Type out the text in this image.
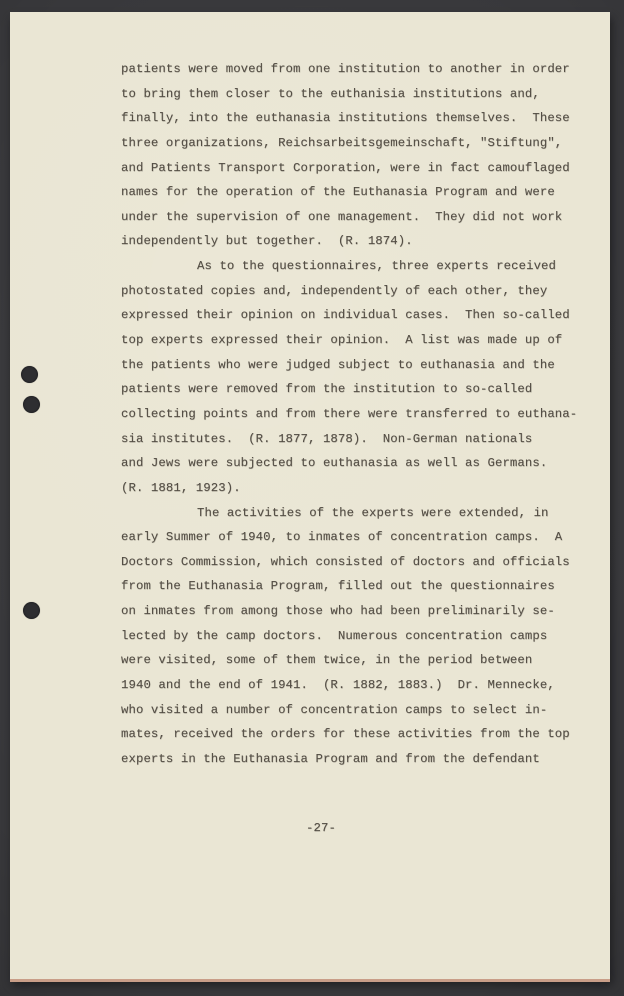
patients were moved from one institution to another in order
to bring them closer to the euthanisia institutions and,
finally, into the euthanasia institutions themselves.  These
three organizations, Reichsarbeitsgemeinschaft, "Stiftung",
and Patients Transport Corporation, were in fact camouflaged
names for the operation of the Euthanasia Program and were
under the supervision of one management.  They did not work
independently but together.  (R. 1874).
As to the questionnaires, three experts received
photostated copies and, independently of each other, they
expressed their opinion on individual cases.  Then so-called
top experts expressed their opinion.  A list was made up of
the patients who were judged subject to euthanasia and the
patients were removed from the institution to so-called
collecting points and from there were transferred to euthana-
sia institutes.  (R. 1877, 1878).  Non-German nationals
and Jews were subjected to euthanasia as well as Germans.
(R. 1881, 1923).
The activities of the experts were extended, in
early Summer of 1940, to inmates of concentration camps.  A
Doctors Commission, which consisted of doctors and officials
from the Euthanasia Program, filled out the questionnaires
on inmates from among those who had been preliminarily se-
lected by the camp doctors.  Numerous concentration camps
were visited, some of them twice, in the period between
1940 and the end of 1941.  (R. 1882, 1883.)  Dr. Mennecke,
who visited a number of concentration camps to select in-
mates, received the orders for these activities from the top
experts in the Euthanasia Program and from the defendant
-27-
